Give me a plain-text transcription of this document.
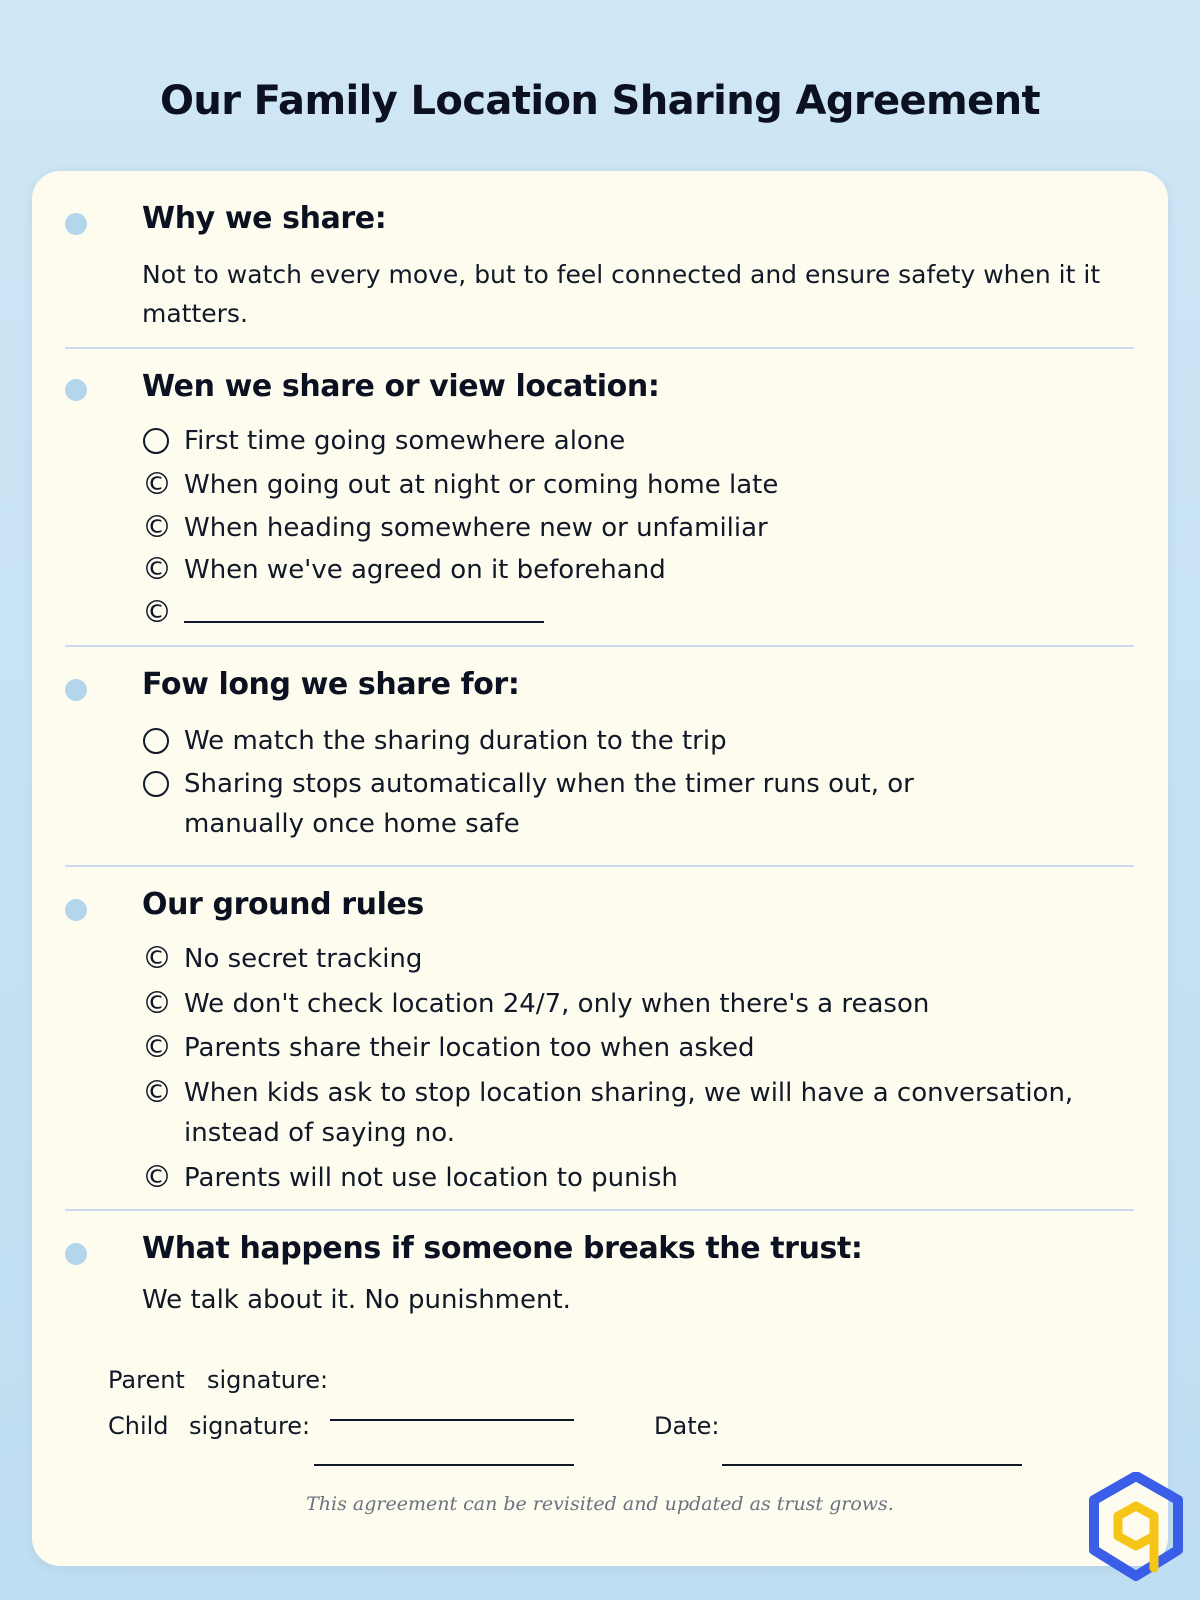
Our Family Location Sharing Agreement
Why we share:
Not to watch every move, but to feel connected and ensure safety when it it matters.
Wen we share or view location:
First time going somewhere alone
© When going out at night or coming home late
© When heading somewhere new or unfamiliar
© When we've agreed on it beforehand
©
Fow long we share for:
We match the sharing duration to the trip
Sharing stops automatically when the timer runs out, or manually once home safe
Our ground rules
© No secret tracking
© We don't check location 24/7, only when there's a reason
© Parents share their location too when asked
© When kids ask to stop location sharing, we will have a conversation, instead of saying no.
© Parents will not use location to punish
What happens if someone breaks the trust:
We talk about it. No punishment.
Parent signature:
Child signature:	Date:
This agreement can be revisited and updated as trust grows.
